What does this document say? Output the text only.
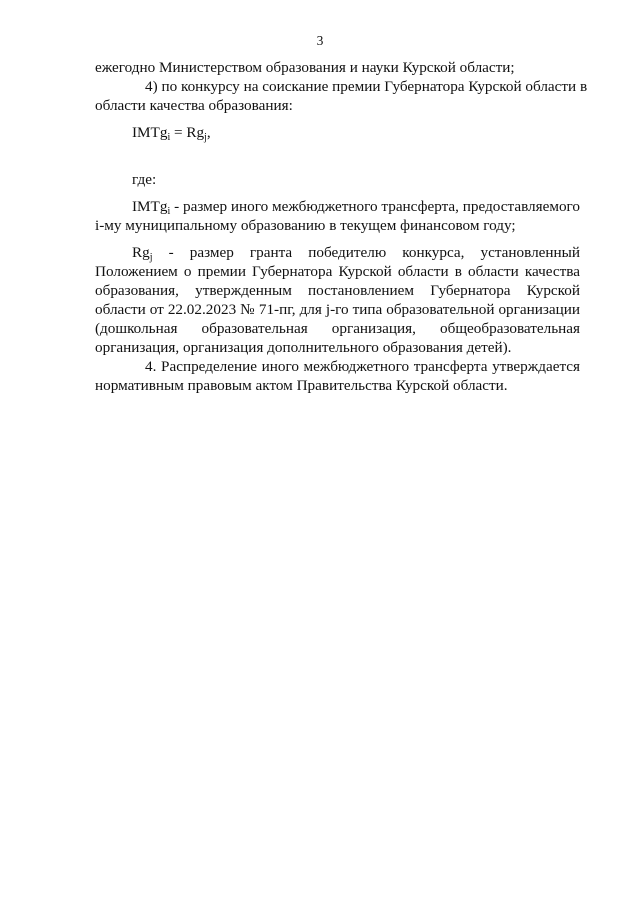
3
ежегодно Министерством образования и науки Курской области;
4) по конкурсу на соискание премии Губернатора Курской области в
области качества образования:
IMTg$_i$ = $Rg_j$,
где:
IMTg$_i$ - размер иного межбюджетного трансферта, предоставляемого
i-му муниципальному образованию в текущем финансовом году;
$Rg_j$ - размер гранта победителю конкурса, установленный
Положением о премии Губернатора Курской области в области качества
образования, утвержденным постановлением Губернатора Курской
области от 22.02.2023 № 71-пг, для j-го типа образовательной организации
(дошкольная образовательная организация, общеобразовательная
организация, организация дополнительного образования детей).
4. Распределение иного межбюджетного трансферта утверждается
нормативным правовым актом Правительства Курской области.
